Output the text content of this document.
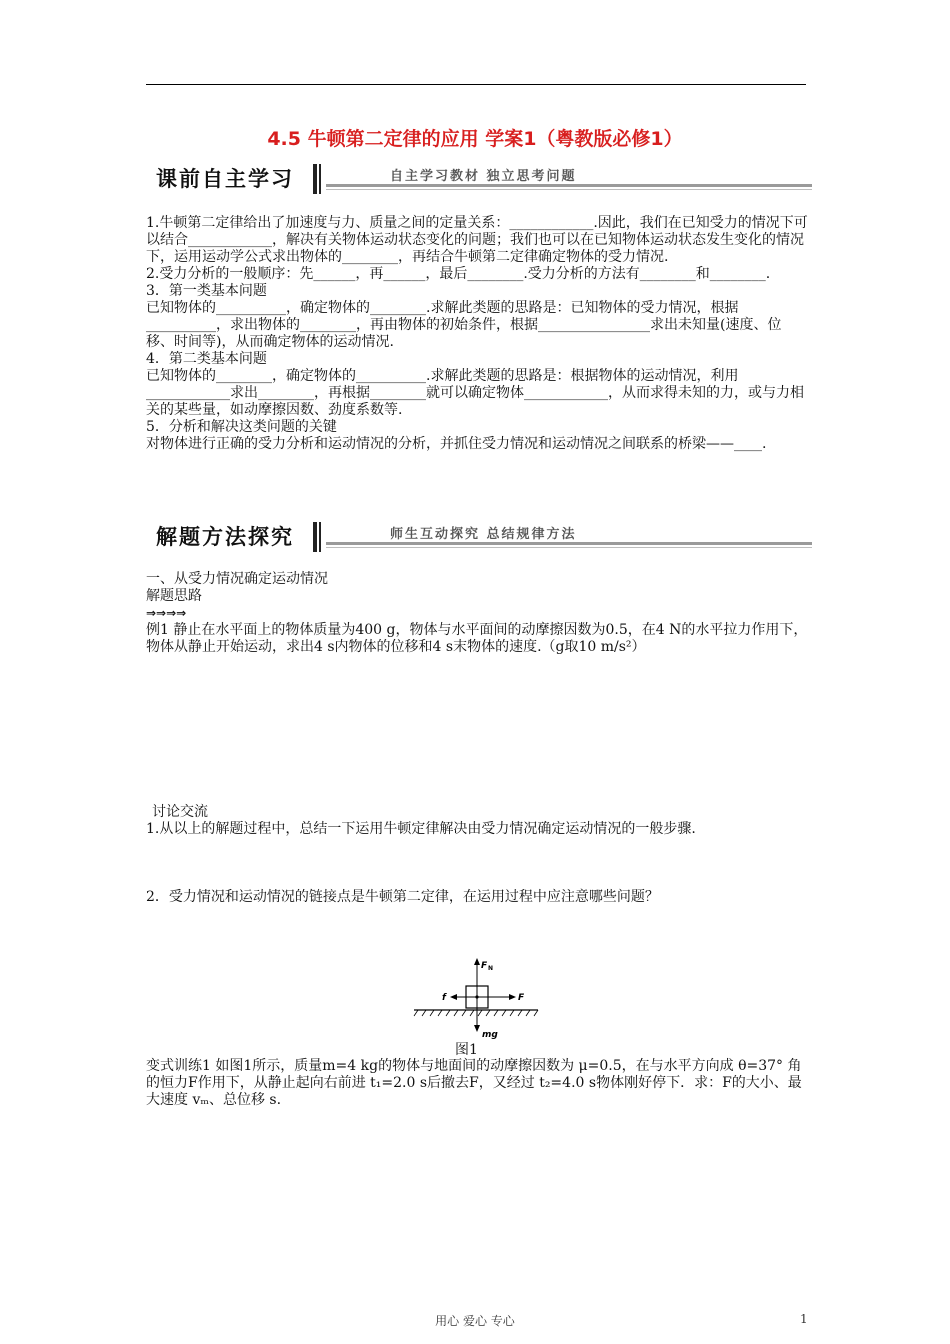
4.5 牛顿第二定律的应用 学案1（粤教版必修1）
课前自主学习	自主学习教材 独立思考问题

1.牛顿第二定律给出了加速度与力、质量之间的定量关系：____________.因此，我们在已知受力的情况下可以结合____________，解决有关物体运动状态变化的问题；我们也可以在已知物体运动状态发生变化的情况下，运用运动学公式求出物体的________，再结合牛顿第二定律确定物体的受力情况.

2.受力分析的一般顺序：先______，再______，最后________.受力分析的方法有________和________.

3．第一类基本问题

已知物体的__________，确定物体的________.求解此类题的思路是：已知物体的受力情况，根据__________，求出物体的________，再由物体的初始条件，根据________________求出未知量(速度、位移、时间等)，从而确定物体的运动情况.

4．第二类基本问题

已知物体的________，确定物体的__________.求解此类题的思路是：根据物体的运动情况，利用____________求出________，再根据________就可以确定物体____________，从而求得未知的力，或与力相关的某些量，如动摩擦因数、劲度系数等.

5．分析和解决这类问题的关键

对物体进行正确的受力分析和运动情况的分析，并抓住受力情况和运动情况之间联系的桥梁——____.

解题方法探究	师生互动探究 总结规律方法

一、从受力情况确定运动情况

解题思路

⇒⇒⇒⇒

例1 静止在水平面上的物体质量为400 g，物体与水平面间的动摩擦因数为0.5，在4 N的水平拉力作用下，物体从静止开始运动，求出4 s内物体的位移和4 s末物体的速度.（g取10 m/s²）

讨论交流

1.从以上的解题过程中，总结一下运用牛顿定律解决由受力情况确定运动情况的一般步骤.

2．受力情况和运动情况的链接点是牛顿第二定律，在运用过程中应注意哪些问题？

F N
f	F
mg
图1

变式训练1 如图1所示，质量m=4 kg的物体与地面间的动摩擦因数为 μ=0.5，在与水平方向成 θ=37° 角的恒力F作用下，从静止起向右前进 t₁=2.0 s后撤去F，又经过 t₂=4.0 s物体刚好停下．求：F的大小、最大速度 vₘ、总位移 s.

用心 爱心 专心	1
